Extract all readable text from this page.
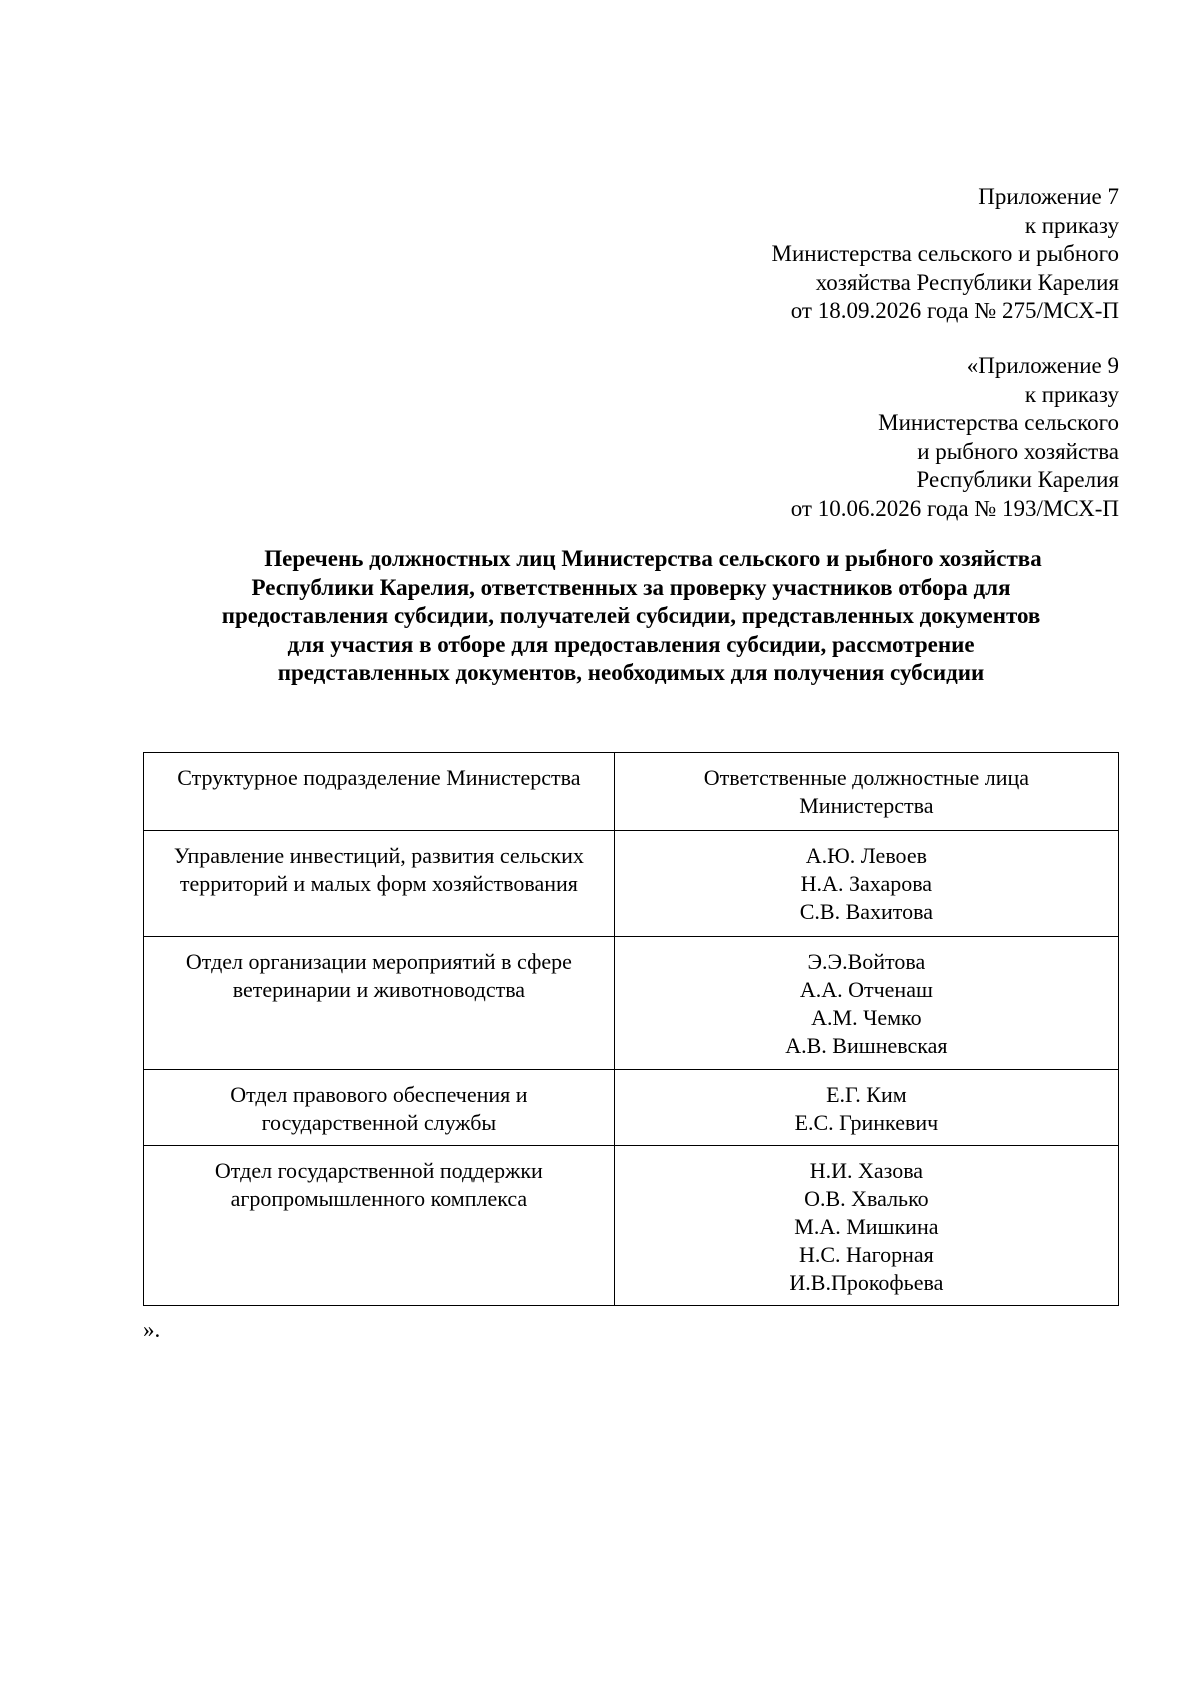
Приложение 7
к приказу
Министерства сельского и рыбного
хозяйства Республики Карелия
от 18.09.2026 года № 275/МСХ-П
«Приложение 9
к приказу
Министерства сельского
и рыбного хозяйства
Республики Карелия
от 10.06.2026 года № 193/МСХ-П
Перечень должностных лиц Министерства сельского и рыбного хозяйства
Республики Карелия, ответственных за проверку участников отбора для
предоставления субсидии, получателей субсидии, представленных документов
для участия в отборе для предоставления субсидии, рассмотрение
представленных документов, необходимых для получения субсидии
Структурное подразделение Министерства	Ответственные должностные лица
Министерства

Управление инвестиций, развития сельских
территорий и малых форм хозяйствования	А.Ю. Левоев
Н.А. Захарова
С.В. Вахитова

Отдел организации мероприятий в сфере
ветеринарии и животноводства	Э.Э.Войтова
А.А. Отченаш
А.М. Чемко
А.В. Вишневская

Отдел правового обеспечения и
государственной службы	Е.Г. Ким
Е.С. Гринкевич

Отдел государственной поддержки
агропромышленного комплекса	Н.И. Хазова
О.В. Хвалько
М.А. Мишкина
Н.С. Нагорная
И.В.Прокофьева
».
